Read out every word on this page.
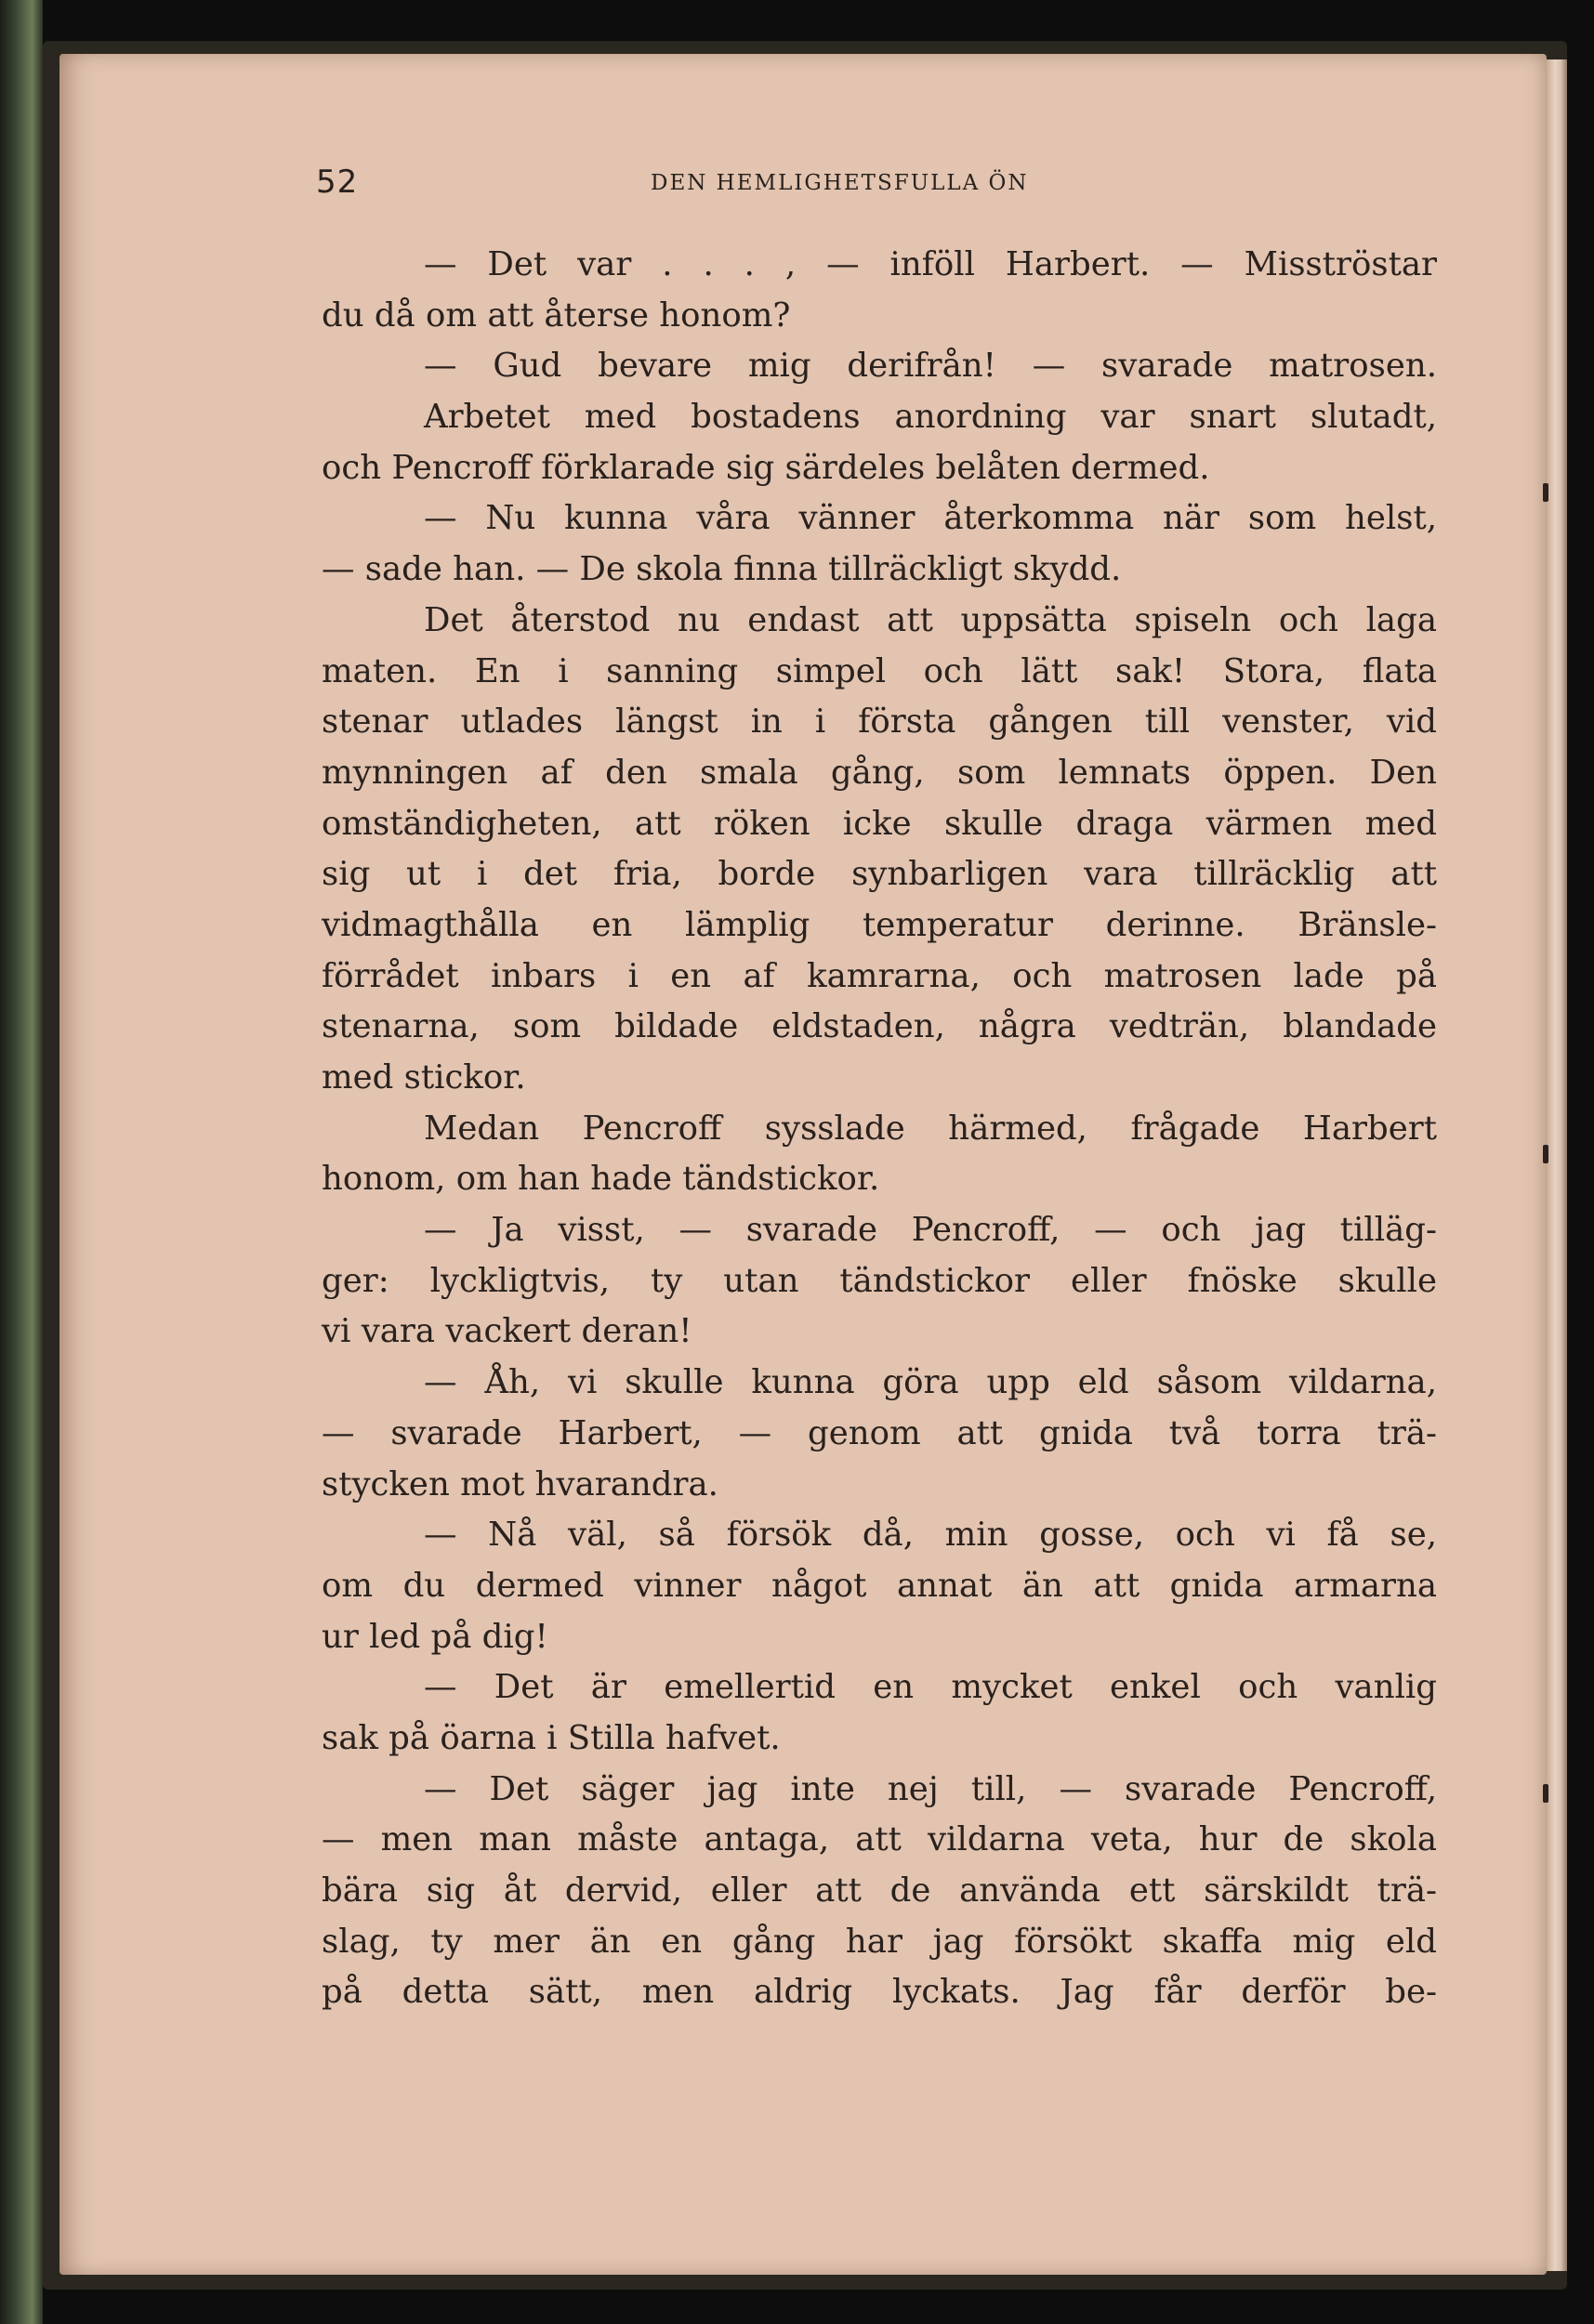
52	DEN HEMLIGHETSFULLA ÖN
— Det var . . . , — inföll Harbert. — Misströstar
du då om att återse honom?
— Gud bevare mig derifrån! — svarade matrosen.
Arbetet med bostadens anordning var snart slutadt,
och Pencroff förklarade sig särdeles belåten dermed.
— Nu kunna våra vänner återkomma när som helst,
— sade han. — De skola finna tillräckligt skydd.
Det återstod nu endast att uppsätta spiseln och laga
maten. En i sanning simpel och lätt sak! Stora, flata
stenar utlades längst in i första gången till venster, vid
mynningen af den smala gång, som lemnats öppen. Den
omständigheten, att röken icke skulle draga värmen med
sig ut i det fria, borde synbarligen vara tillräcklig att
vidmagthålla en lämplig temperatur derinne. Bränsle-
förrådet inbars i en af kamrarna, och matrosen lade på
stenarna, som bildade eldstaden, några vedträn, blandade
med stickor.
Medan Pencroff sysslade härmed, frågade Harbert
honom, om han hade tändstickor.
— Ja visst, — svarade Pencroff, — och jag tilläg-
ger: lyckligtvis, ty utan tändstickor eller fnöske skulle
vi vara vackert deran!
— Åh, vi skulle kunna göra upp eld såsom vildarna,
— svarade Harbert, — genom att gnida två torra trä-
stycken mot hvarandra.
— Nå väl, så försök då, min gosse, och vi få se,
om du dermed vinner något annat än att gnida armarna
ur led på dig!
— Det är emellertid en mycket enkel och vanlig
sak på öarna i Stilla hafvet.
— Det säger jag inte nej till, — svarade Pencroff,
— men man måste antaga, att vildarna veta, hur de skola
bära sig åt dervid, eller att de använda ett särskildt trä-
slag, ty mer än en gång har jag försökt skaffa mig eld
på detta sätt, men aldrig lyckats. Jag får derför be-
